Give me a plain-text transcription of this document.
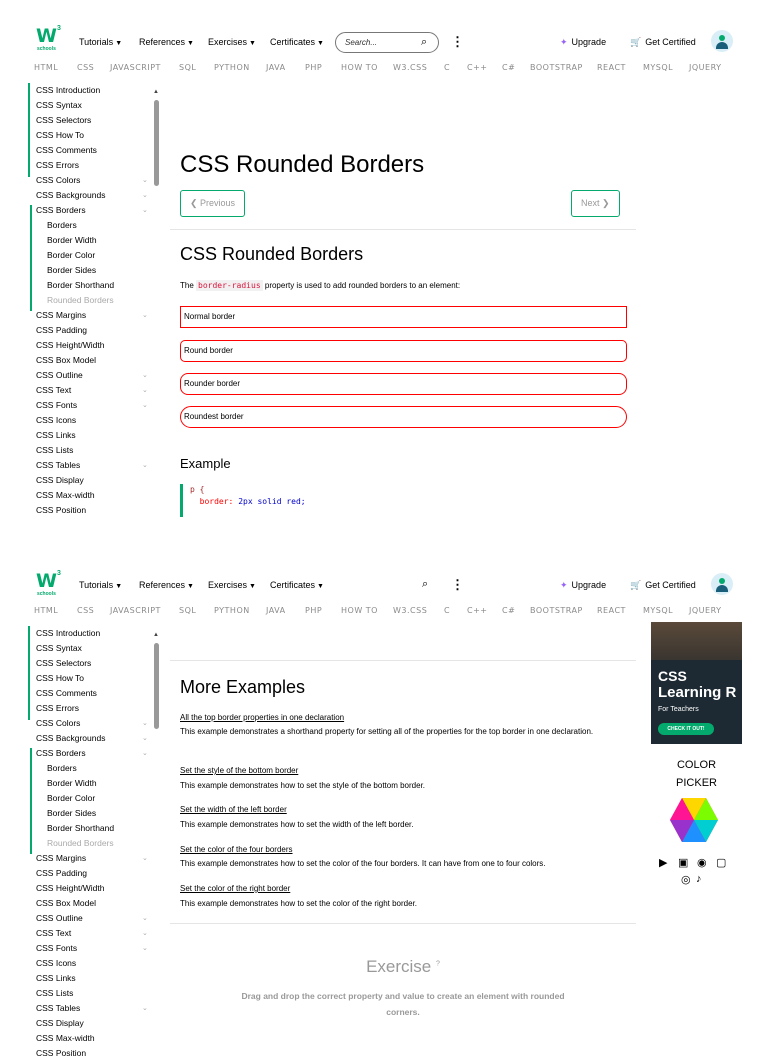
W 3
schools
Tutorials ▼ References ▼ Exercises ▼ Certificates ▼	Search...	⌕ ⋮	✦ Upgrade	🛒 Get Certified
HTML CSS JAVASCRIPT SQL PYTHON JAVA PHP HOW TO W3.CSS C C++ C# BOOTSTRAP REACT MYSQL JQUERY
CSS Introduction
CSS Syntax
CSS Selectors
CSS How To
CSS Comments
CSS Errors
CSS Colors	⌄
CSS Backgrounds	⌄
CSS Borders	⌄
Borders
Border Width
Border Color
Border Sides
Border Shorthand
Rounded Borders
CSS Margins	⌄
CSS Padding
CSS Height/Width
CSS Box Model
CSS Outline	⌄
CSS Text	⌄
CSS Fonts	⌄
CSS Icons
CSS Links
CSS Lists
CSS Tables	⌄
CSS Display
CSS Max-width
CSS Position
▲
CSS Rounded Borders
❮ Previous	Next ❯
CSS Rounded Borders
The border-radius property is used to add rounded borders to an element:
Normal border
Round border
Rounder border
Roundest border
Example
p {
border: 2px solid red;
W 3
schools
Tutorials ▼ References ▼ Exercises ▼ Certificates ▼	⌕ ⋮	✦ Upgrade	🛒 Get Certified
HTML CSS JAVASCRIPT SQL PYTHON JAVA PHP HOW TO W3.CSS C C++ C# BOOTSTRAP REACT MYSQL JQUERY
CSS Introduction
CSS Syntax
CSS Selectors
CSS How To
CSS Comments
CSS Errors
CSS Colors	⌄
CSS Backgrounds	⌄
CSS Borders	⌄
Borders
Border Width
Border Color
Border Sides
Border Shorthand
Rounded Borders
CSS Margins	⌄
CSS Padding
CSS Height/Width
CSS Box Model
CSS Outline	⌄
CSS Text	⌄
CSS Fonts	⌄
CSS Icons
CSS Links
CSS Lists
CSS Tables	⌄
CSS Display
CSS Max-width
CSS Position
▲
More Examples
All the top border properties in one declaration
This example demonstrates a shorthand property for setting all of the properties for the top border in one declaration.
Set the style of the bottom border
This example demonstrates how to set the style of the bottom border.
Set the width of the left border
This example demonstrates how to set the width of the left border.
Set the color of the four borders
This example demonstrates how to set the color of the four borders. It can have from one to four colors.
Set the color of the right border
This example demonstrates how to set the color of the right border.
Exercise ?
Drag and drop the correct property and value to create an element with rounded corners.
CSS
Learning R
For Teachers
CHECK IT OUT!
COLOR
PICKER
▶ ▣ ◉ ▢
◎ ♪
